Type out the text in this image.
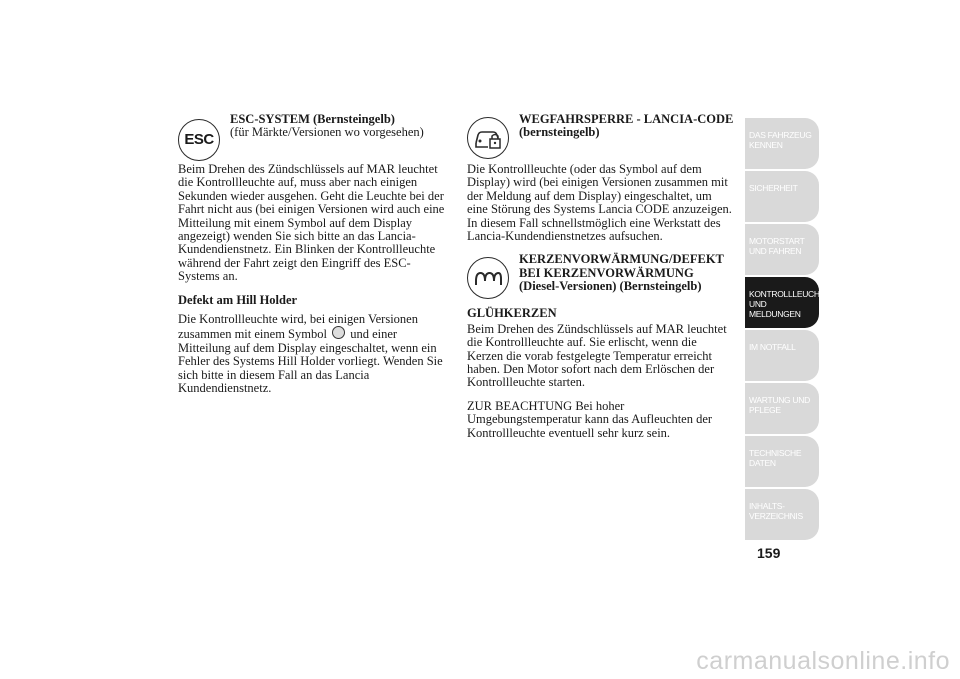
ESC

ESC-SYSTEM (Bernsteingelb)

(für Märkte/Versionen wo vorgesehen)

Beim Drehen des Zündschlüssels auf MAR leuchtet die Kontrollleuchte auf, muss aber nach einigen Sekunden wieder ausgehen. Geht die Leuchte bei der Fahrt nicht aus (bei einigen Versionen wird auch eine Mitteilung mit einem Symbol auf dem Display angezeigt) wenden Sie sich bitte an das Lancia-Kundendienstnetz. Ein Blinken der Kontrollleuchte während der Fahrt zeigt den Eingriff des ESC-Systems an.

Defekt am Hill Holder

Die Kontrollleuchte wird, bei einigen Versionen zusammen mit einem Symbol und einer Mitteilung auf dem Display eingeschaltet, wenn ein Fehler des Systems Hill Holder vorliegt. Wenden Sie sich bitte in diesem Fall an das Lancia Kundendienstnetz.

WEGFAHRSPERRE - LANCIA-CODE

(bernsteingelb)

Die Kontrollleuchte (oder das Symbol auf dem Display) wird (bei einigen Versionen zusammen mit der Meldung auf dem Display) eingeschaltet, um eine Störung des Systems Lancia CODE anzuzeigen. In diesem Fall schnellstmöglich eine Werkstatt des Lancia-Kundendienstnetzes aufsuchen.

KERZENVORWÄRMUNG/DEFEKT

BEI KERZENVORWÄRMUNG

(Diesel-Versionen) (Bernsteingelb)

GLÜHKERZEN

Beim Drehen des Zündschlüssels auf MAR leuchtet die Kontrollleuchte auf. Sie erlischt, wenn die Kerzen die vorab festgelegte Temperatur erreicht haben. Den Motor sofort nach dem Erlöschen der Kontrollleuchte starten.

ZUR BEACHTUNG Bei hoher Umgebungstemperatur kann das Aufleuchten der Kontrollleuchte eventuell sehr kurz sein.

DAS FAHRZEUG KENNEN
SICHERHEIT
MOTORSTART UND FAHREN
KONTROLLLEUCHTEN UND MELDUNGEN
IM NOTFALL
WARTUNG UND PFLEGE
TECHNISCHE DATEN
INHALTS-VERZEICHNIS
159
carmanualsonline.info
